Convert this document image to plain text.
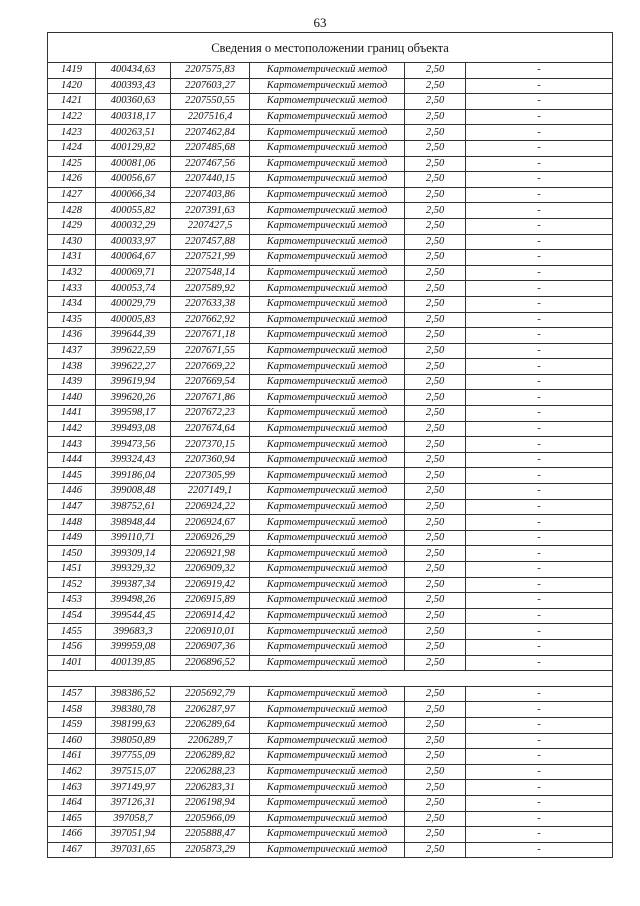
63
Сведения о местоположении границ объекта					
1419	400434,63	2207575,83	Картометрический метод	2,50	-
1420	400393,43	2207603,27	Картометрический метод	2,50	-
1421	400360,63	2207550,55	Картометрический метод	2,50	-
1422	400318,17	2207516,4	Картометрический метод	2,50	-
1423	400263,51	2207462,84	Картометрический метод	2,50	-
1424	400129,82	2207485,68	Картометрический метод	2,50	-
1425	400081,06	2207467,56	Картометрический метод	2,50	-
1426	400056,67	2207440,15	Картометрический метод	2,50	-
1427	400066,34	2207403,86	Картометрический метод	2,50	-
1428	400055,82	2207391,63	Картометрический метод	2,50	-
1429	400032,29	2207427,5	Картометрический метод	2,50	-
1430	400033,97	2207457,88	Картометрический метод	2,50	-
1431	400064,67	2207521,99	Картометрический метод	2,50	-
1432	400069,71	2207548,14	Картометрический метод	2,50	-
1433	400053,74	2207589,92	Картометрический метод	2,50	-
1434	400029,79	2207633,38	Картометрический метод	2,50	-
1435	400005,83	2207662,92	Картометрический метод	2,50	-
1436	399644,39	2207671,18	Картометрический метод	2,50	-
1437	399622,59	2207671,55	Картометрический метод	2,50	-
1438	399622,27	2207669,22	Картометрический метод	2,50	-
1439	399619,94	2207669,54	Картометрический метод	2,50	-
1440	399620,26	2207671,86	Картометрический метод	2,50	-
1441	399598,17	2207672,23	Картометрический метод	2,50	-
1442	399493,08	2207674,64	Картометрический метод	2,50	-
1443	399473,56	2207370,15	Картометрический метод	2,50	-
1444	399324,43	2207360,94	Картометрический метод	2,50	-
1445	399186,04	2207305,99	Картометрический метод	2,50	-
1446	399008,48	2207149,1	Картометрический метод	2,50	-
1447	398752,61	2206924,22	Картометрический метод	2,50	-
1448	398948,44	2206924,67	Картометрический метод	2,50	-
1449	399110,71	2206926,29	Картометрический метод	2,50	-
1450	399309,14	2206921,98	Картометрический метод	2,50	-
1451	399329,32	2206909,32	Картометрический метод	2,50	-
1452	399387,34	2206919,42	Картометрический метод	2,50	-
1453	399498,26	2206915,89	Картометрический метод	2,50	-
1454	399544,45	2206914,42	Картометрический метод	2,50	-
1455	399683,3	2206910,01	Картометрический метод	2,50	-
1456	399959,08	2206907,36	Картометрический метод	2,50	-
1401	400139,85	2206896,52	Картометрический метод	2,50	-

1457	398386,52	2205692,79	Картометрический метод	2,50	-
1458	398380,78	2206287,97	Картометрический метод	2,50	-
1459	398199,63	2206289,64	Картометрический метод	2,50	-
1460	398050,89	2206289,7	Картометрический метод	2,50	-
1461	397755,09	2206289,82	Картометрический метод	2,50	-
1462	397515,07	2206288,23	Картометрический метод	2,50	-
1463	397149,97	2206283,31	Картометрический метод	2,50	-
1464	397126,31	2206198,94	Картометрический метод	2,50	-
1465	397058,7	2205966,09	Картометрический метод	2,50	-
1466	397051,94	2205888,47	Картометрический метод	2,50	-
1467	397031,65	2205873,29	Картометрический метод	2,50	-
